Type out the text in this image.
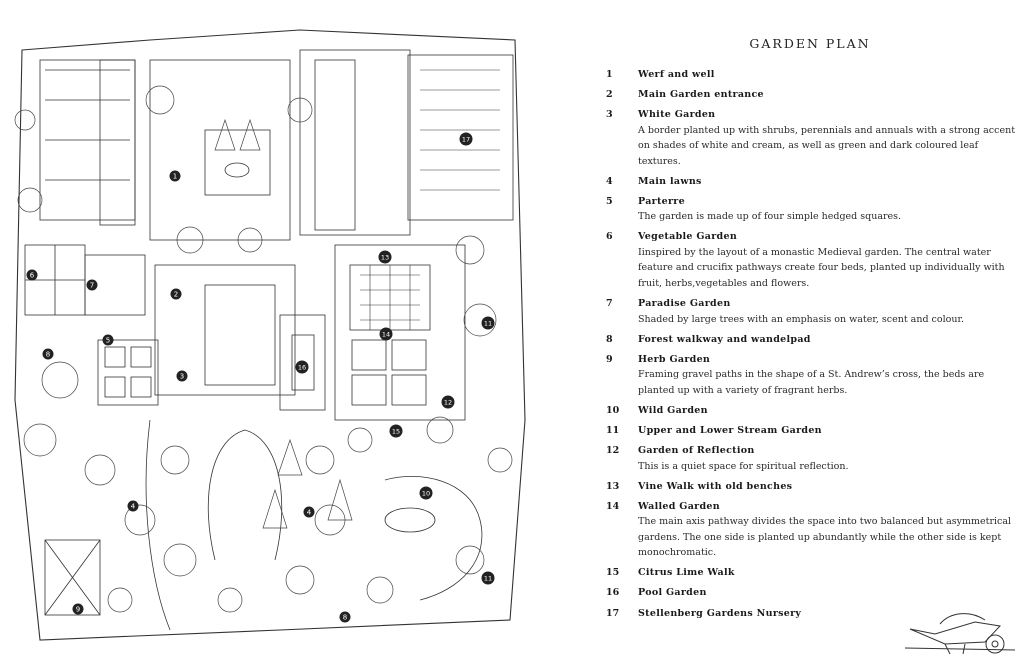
1
2
3
4
4
5
6
7
8
8
9
10
11
11
12
13
14
15
16
17
GARDEN PLAN
1	Werf and well
2	Main Garden entrance
3	White Garden
A border planted up with shrubs, perennials and annuals with a strong accent on shades of white and cream, as well as green and dark coloured leaf textures.
4	Main lawns
5	Parterre
The garden is made up of four simple hedged squares.
6	Vegetable Garden
Iinspired by the layout of a monastic Medieval garden. The central water feature and crucifix pathways create four beds, planted up individually with fruit, herbs,vegetables and flowers.
7	Paradise Garden
Shaded by large trees with an emphasis on water, scent and colour.
8	Forest walkway and wandelpad
9	Herb Garden
Framing gravel paths in the shape of a St. Andrew’s cross, the beds are planted up with a variety of fragrant herbs.
10	Wild Garden
11	Upper and Lower Stream Garden
12	Garden of Reflection
This is a quiet space for spiritual reflection.
13	Vine Walk with old benches
14	Walled Garden
The main axis pathway divides the space into two balanced but asymmetrical gardens. The one side is planted up abundantly while the other side is kept monochromatic.
15	Citrus Lime Walk
16	Pool Garden
17	Stellenberg Gardens Nursery
